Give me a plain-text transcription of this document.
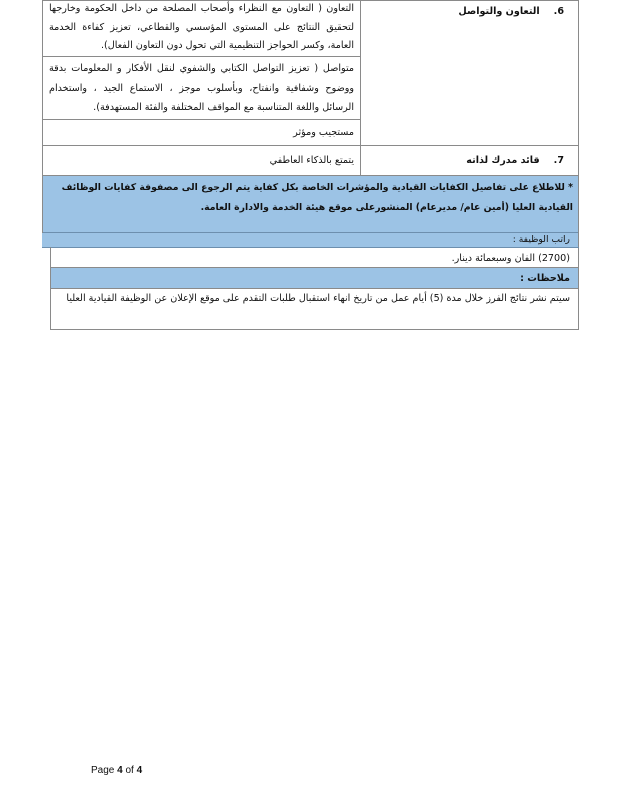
6.التعاون والتواصل
التعاون ( التعاون مع النظراء وأصحاب المصلحة من داخل الحكومة وخارجها لتحقيق النتائج على المستوى المؤسسي والقطاعي، تعزيز كفاءة الخدمة العامة، وكسر الحواجز التنظيمية التي تحول دون التعاون الفعال).
متواصل ( تعزيز التواصل الكتابي والشفوي لنقل الأفكار و المعلومات بدقة ووضوح وشفافية وانفتاح، وبأسلوب موجز ، الاستماع الجيد ، واستخدام الرسائل واللغة المتناسبة مع المواقف المختلفة والفئة المستهدفة).
مستجيب ومؤثر
7.قائد مدرك لذاته
يتمتع بالذكاء العاطفي
* للاطلاع على تفاصيل الكفايات القيادية والمؤشرات الخاصة بكل كفاية يتم الرجوع الى مصفوفة كفايات الوظائف القيادية العليا (أمين عام/ مديرعام) المنشورعلى موقع هيئة الخدمة والادارة العامة.
راتب الوظيفة :
(2700) الفان وسبعمائة دينار.
ملاحظات :
سيتم نشر نتائج الفرز خلال مدة (5) أيام عمل من تاريخ انهاء استقبال طلبات التقدم على موقع الإعلان عن الوظيفة القيادية العليا
Page 4 of 4
